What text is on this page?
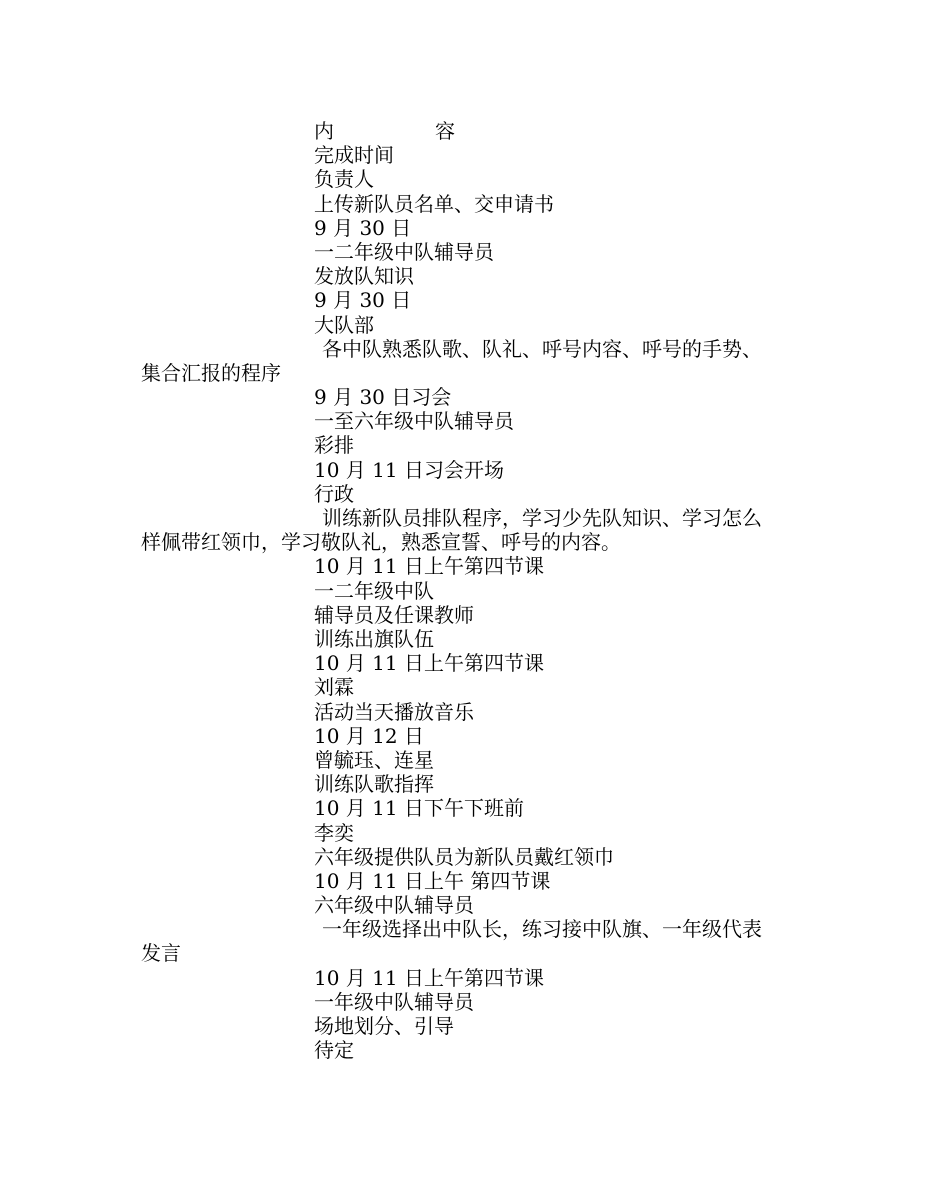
内	容
完成时间
负责人
上传新队员名单、交申请书
9 月 30 日
一二年级中队辅导员
发放队知识
9 月 30 日
大队部
各中队熟悉队歌、队礼、呼号内容、呼号的手势、
集合汇报的程序
9 月 30 日习会
一至六年级中队辅导员
彩排
10 月 11 日习会开场
行政
训练新队员排队程序，学习少先队知识、学习怎么
样佩带红领巾，学习敬队礼，熟悉宣誓、呼号的内容。
10 月 11 日上午第四节课
一二年级中队
辅导员及任课教师
训练出旗队伍
10 月 11 日上午第四节课
刘霖
活动当天播放音乐
10 月 12 日
曾毓珏、连星
训练队歌指挥
10 月 11 日下午下班前
李奕
六年级提供队员为新队员戴红领巾
10 月 11 日上午 第四节课
六年级中队辅导员
一年级选择出中队长，练习接中队旗、一年级代表
发言
10 月 11 日上午第四节课
一年级中队辅导员
场地划分、引导
待定
